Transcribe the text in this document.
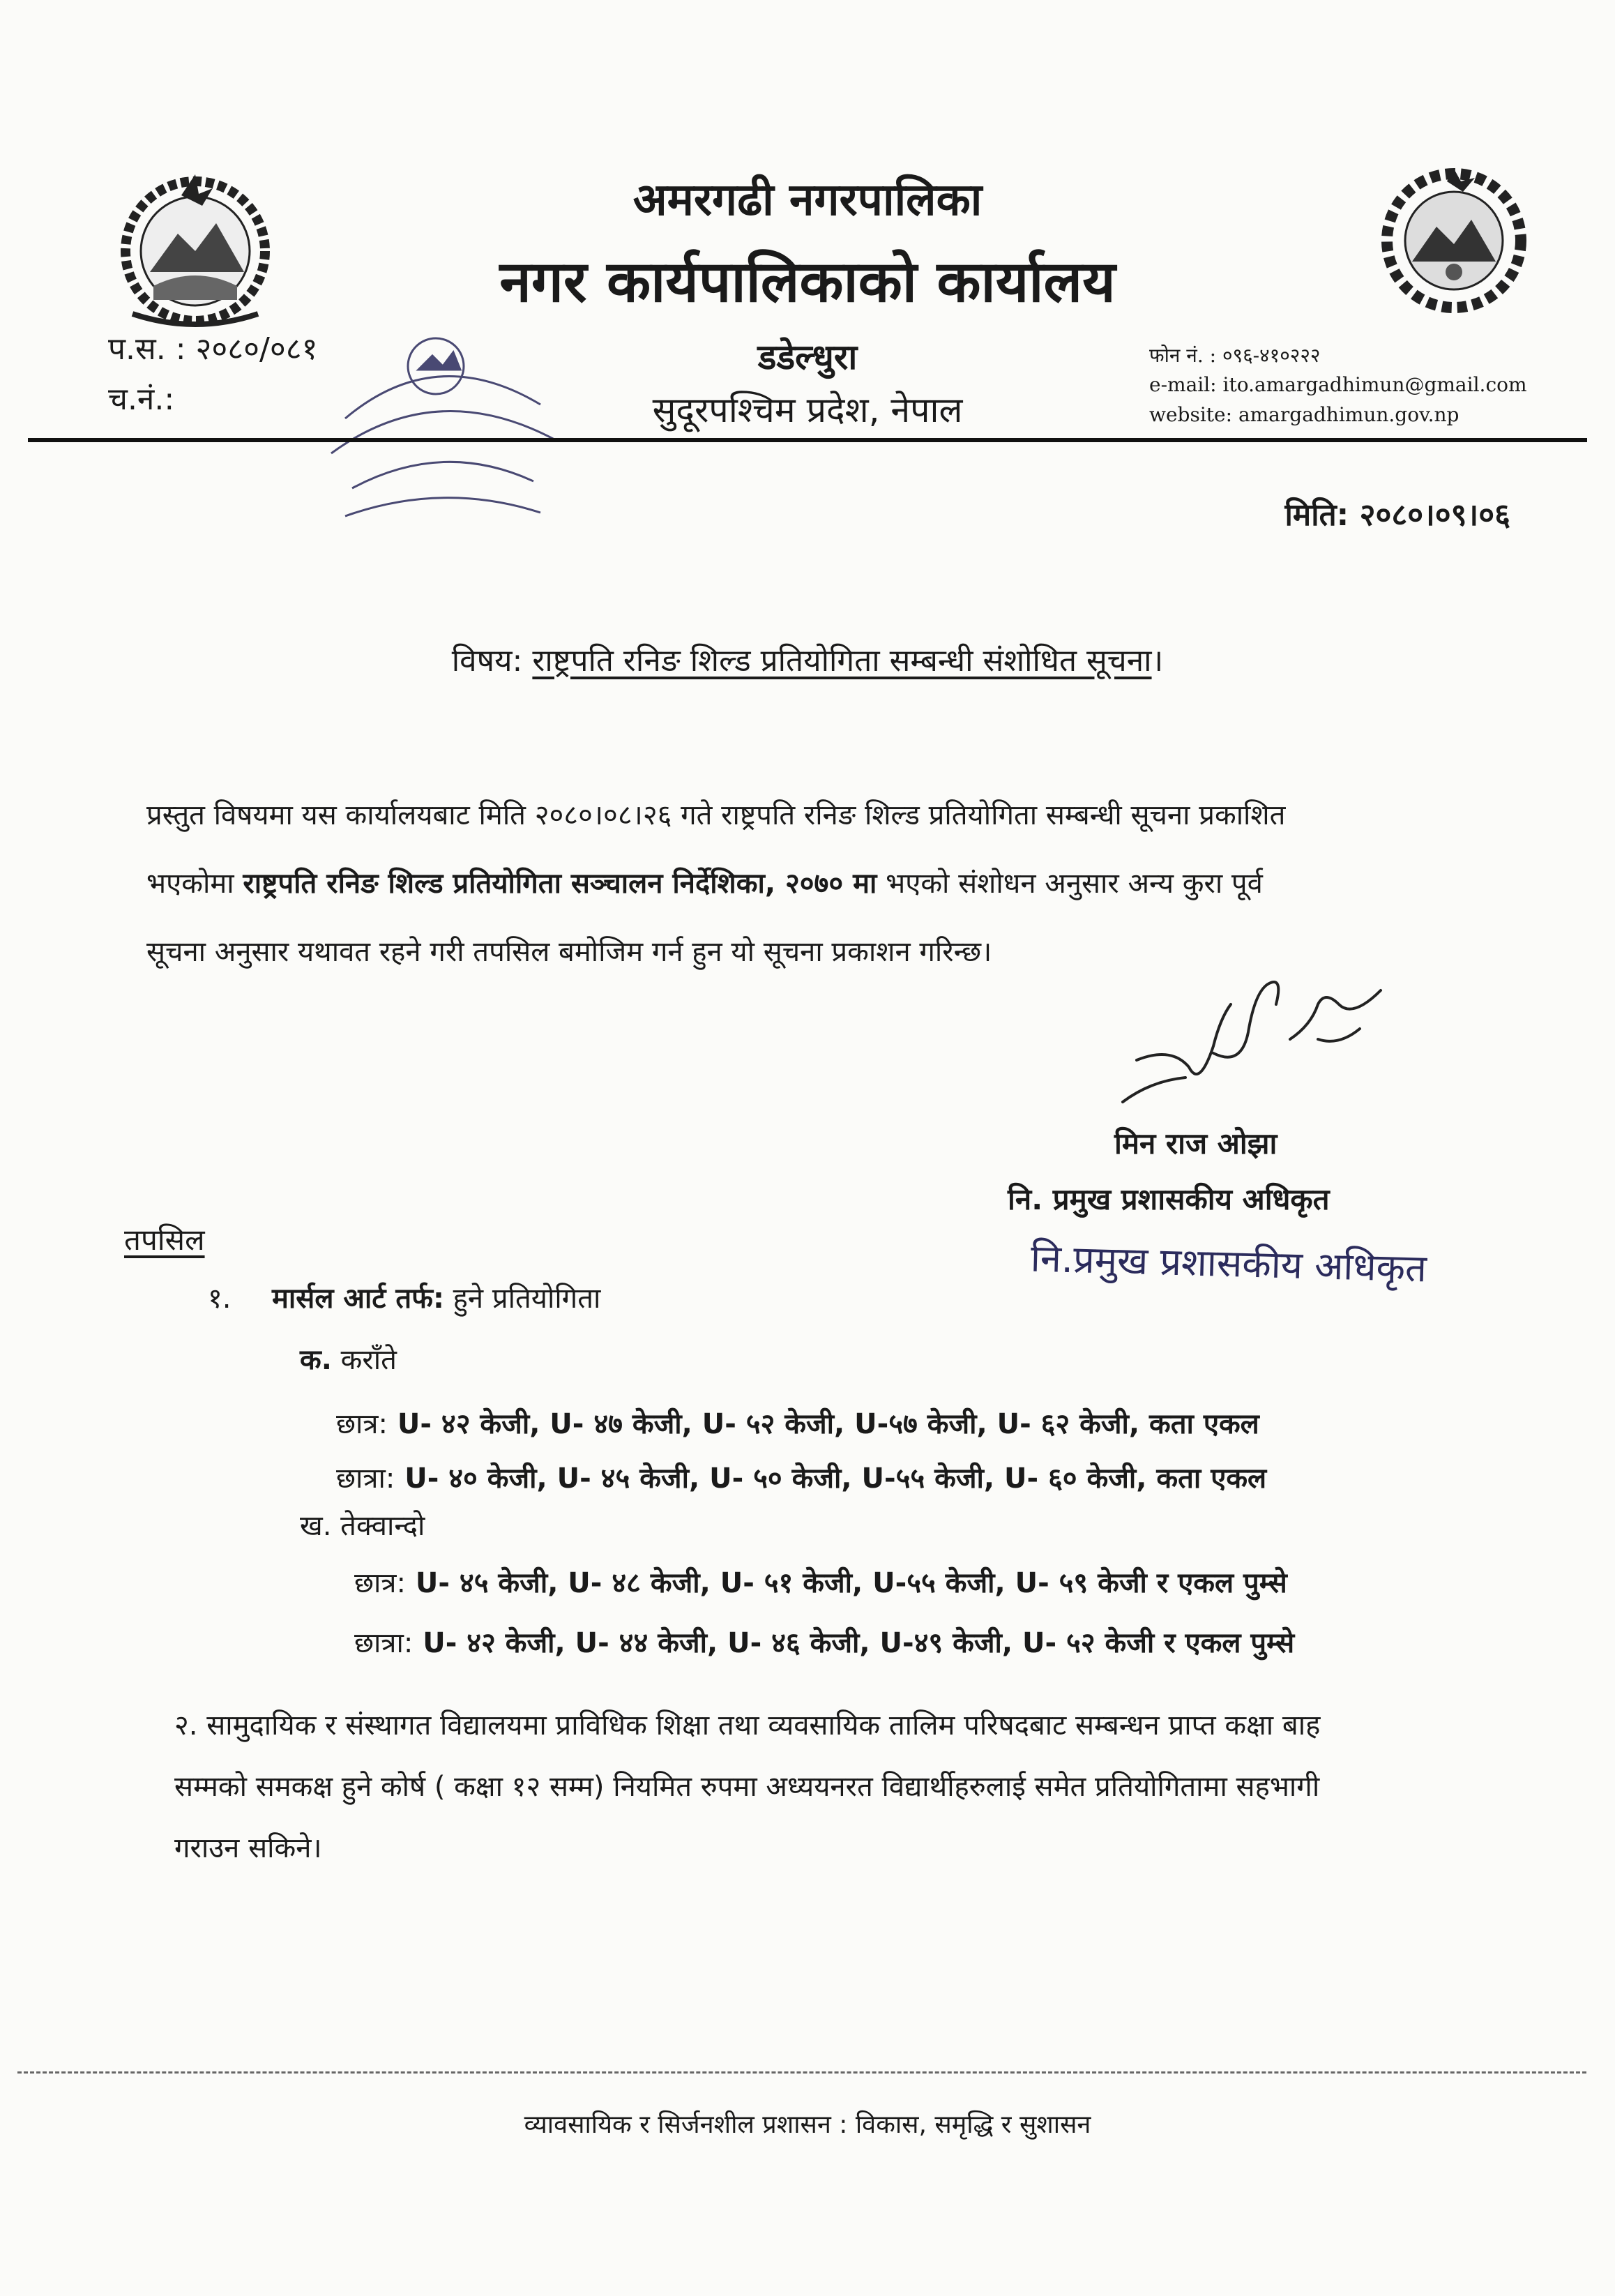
अमरगढी नगरपालिका
नगर कार्यपालिकाको कार्यालय
प.स. : २०८०/०८१
च.नं.:
डडेल्धुरा
सुदूरपश्चिम प्रदेश, नेपाल
फोन नं. : ०९६-४१०२२२
e-mail: ito.amargadhimun@gmail.com
website: amargadhimun.gov.np
मिति: २०८०।०९।०६
विषय: राष्ट्रपति रनिङ शिल्ड प्रतियोगिता सम्बन्धी संशोधित सूचना।
प्रस्तुत विषयमा यस कार्यालयबाट मिति २०८०।०८।२६ गते राष्ट्रपति रनिङ शिल्ड प्रतियोगिता सम्बन्धी सूचना प्रकाशित
भएकोमा राष्ट्रपति रनिङ शिल्ड प्रतियोगिता सञ्चालन निर्देशिका, २०७० मा भएको संशोधन अनुसार अन्य कुरा पूर्व
सूचना अनुसार यथावत रहने गरी तपसिल बमोजिम गर्न हुन यो सूचना प्रकाशन गरिन्छ।
मिन राज ओझा
नि. प्रमुख प्रशासकीय अधिकृत
नि.प्रमुख प्रशासकीय अधिकृत
तपसिल
१. मार्सल आर्ट तर्फ: हुने प्रतियोगिता
क. कराँते
छात्र: U- ४२ केजी, U- ४७ केजी, U- ५२ केजी, U-५७ केजी, U- ६२ केजी, कता एकल
छात्रा: U- ४० केजी, U- ४५ केजी, U- ५० केजी, U-५५ केजी, U- ६० केजी, कता एकल
ख. तेक्वान्दो
छात्र: U- ४५ केजी, U- ४८ केजी, U- ५१ केजी, U-५५ केजी, U- ५९ केजी र एकल पुम्से
छात्रा: U- ४२ केजी, U- ४४ केजी, U- ४६ केजी, U-४९ केजी, U- ५२ केजी र एकल पुम्से
२. सामुदायिक र संस्थागत विद्यालयमा प्राविधिक शिक्षा तथा व्यवसायिक तालिम परिषदबाट सम्बन्धन प्राप्त कक्षा बाह
सम्मको समकक्ष हुने कोर्ष ( कक्षा १२ सम्म) नियमित रुपमा अध्ययनरत विद्यार्थीहरुलाई समेत प्रतियोगितामा सहभागी
गराउन सकिने।
व्यावसायिक र सिर्जनशील प्रशासन : विकास, समृद्धि र सुशासन
